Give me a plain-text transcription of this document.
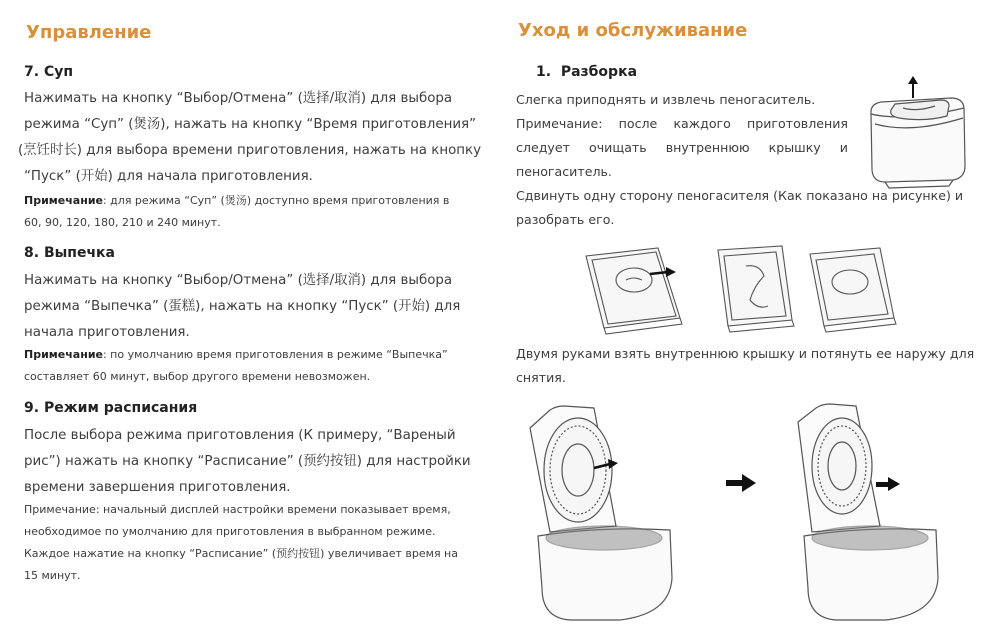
Управление
7. Суп
Нажимать на кнопку “Выбор/Отмена” (选择/取消) для выбора
режима “Суп” (煲汤), нажать на кнопку “Время приготовления”
(烹饪时长) для выбора времени приготовления, нажать на кнопку
“Пуск” (开始) для начала приготовления.
Примечание: для режима “Суп” (煲汤) доступно время приготовления в
60, 90, 120, 180, 210 и 240 минут.
8. Выпечка
Нажимать на кнопку “Выбор/Отмена” (选择/取消) для выбора
режима “Выпечка” (蛋糕), нажать на кнопку “Пуск” (开始) для
начала приготовления.
Примечание: по умолчанию время приготовления в режиме “Выпечка”
составляет 60 минут, выбор другого времени невозможен.
9. Режим расписания
После выбора режима приготовления (К примеру, “Вареный
рис”) нажать на кнопку “Расписание” (预约按钮) для настройки
времени завершения приготовления.
Примечание: начальный дисплей настройки времени показывает время,
необходимое по умолчанию для приготовления в выбранном режиме.
Каждое нажатие на кнопку “Расписание” (预约按钮) увеличивает время на
15 минут.
Уход и обслуживание
1. Разборка
Слегка приподнять и извлечь пеногаситель.
Примечание: после каждого приготовления
следует очищать внутреннюю крышку и
пеногаситель.
Сдвинуть одну сторону пеногасителя (Как показано на рисунке) и
разобрать его.
Двумя руками взять внутреннюю крышку и потянуть ее наружу для
снятия.
